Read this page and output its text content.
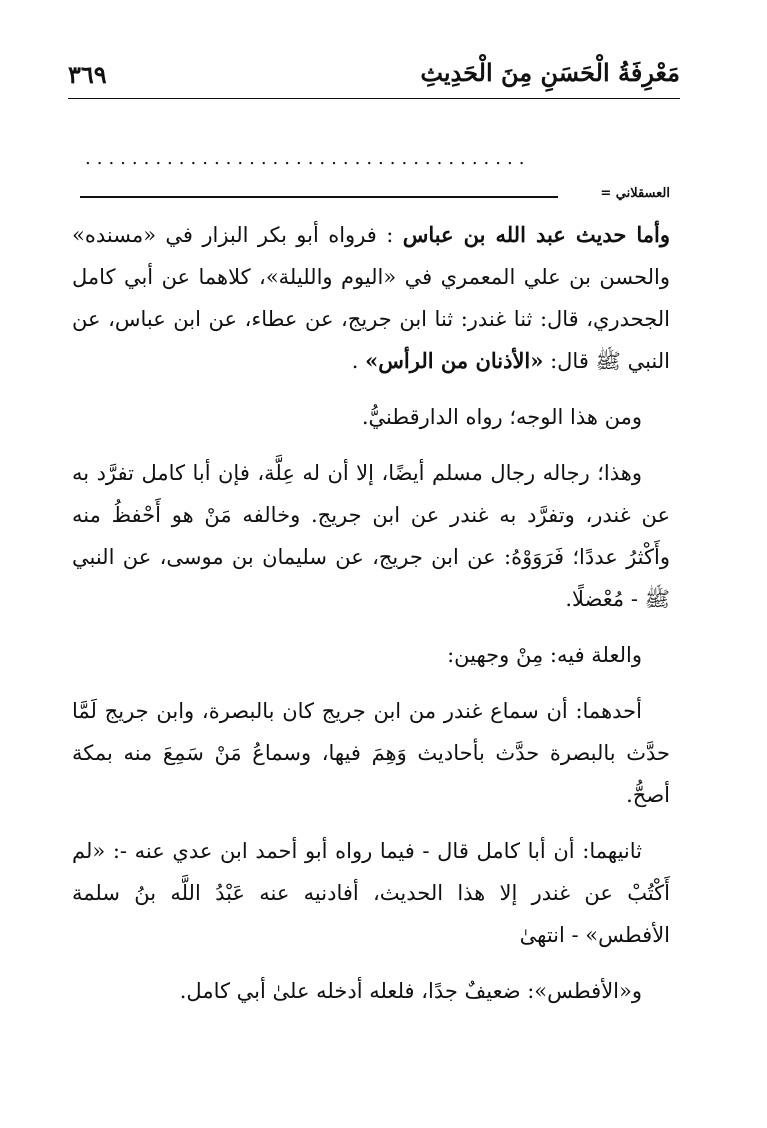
مَعْرِفَةُ الْحَسَنِ مِنَ الْحَدِيثِ
٣٦٩
......................................
العسقلاني =

وأما حديث عبد الله بن عباس : فرواه أبو بكر البزار في «مسنده» والحسن بن علي المعمري في «اليوم والليلة»، كلاهما عن أبي كامل الجحدري، قال: ثنا غندر: ثنا ابن جريج، عن عطاء، عن ابن عباس، عن النبي ﷺ قال: «الأذنان من الرأس» .

ومن هذا الوجه؛ رواه الدارقطنيُّ.

وهذا؛ رجاله رجال مسلم أيضًا، إلا أن له عِلَّة، فإن أبا كامل تفرَّد به عن غندر، وتفرَّد به غندر عن ابن جريج. وخالفه مَنْ هو أَحْفظُ منه وأَكْثرُ عددًا؛ فَرَوَوْهُ: عن ابن جريج، عن سليمان بن موسى، عن النبي ﷺ - مُعْضلًا.

والعلة فيه: مِنْ وجهين:

أحدهما: أن سماع غندر من ابن جريج كان بالبصرة، وابن جريج لَمَّا حدَّث بالبصرة حدَّث بأحاديث وَهِمَ فيها، وسماعُ مَنْ سَمِعَ منه بمكة أصحُّ.

ثانيهما: أن أبا كامل قال - فيما رواه أبو أحمد ابن عدي عنه -: «لم أَكْتُبْ عن غندر إلا هذا الحديث، أفادنيه عنه عَبْدُ اللَّه بنُ سلمة الأفطس» - انتهىٰ

و«الأفطس»: ضعيفٌ جدًا، فلعله أدخله علىٰ أبي كامل.
